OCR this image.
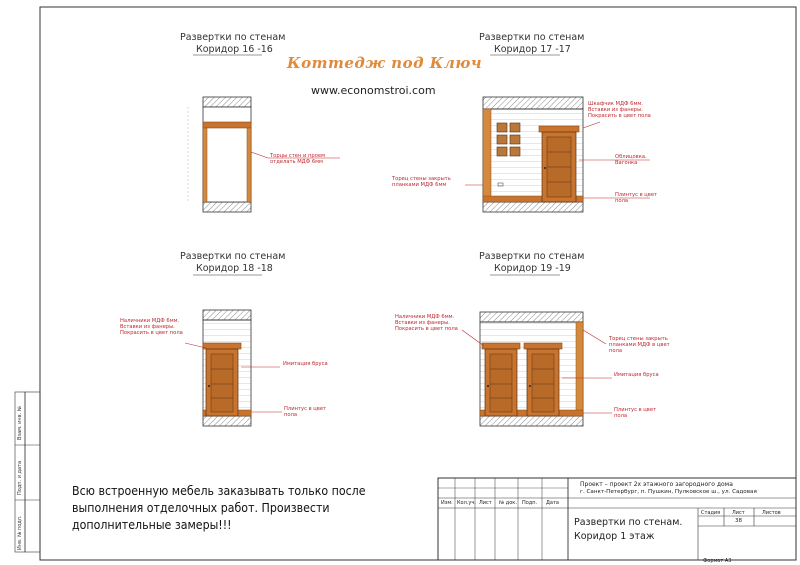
Развертки по стенам
Коридор 16 -16
Развертки по стенам
Коридор 17 -17
Развертки по стенам
Коридор 18 -18
Развертки по стенам
Коридор 19 -19
Коттедж под Ключ
www.economstroi.com
Торцы стен и проем отделать МДФ 6мм
Шкафчик МДФ 6мм. Вставки из фанеры. Покрасить в цвет пола
Торец стены закрыть планками МДФ 6мм
Облицовка. Вагонка
Плинтус в цвет пола
Наличники МДФ 6мм. Вставки из фанеры. Покрасить в цвет пола
Имитация бруса
Плинтус в цвет пола
Наличники МДФ 6мм. Вставки из фанеры. Покрасить в цвет пола
Торец стены закрыть планками МДФ в цвет пола
Имитация бруса
Плинтус в цвет пола
Всю встроенную мебель заказывать только после выполнения отделочных работ. Произвести дополнительные замеры!!!
Проект – проект 2х этажного загородного дома
г. Санкт-Петербург, п. Пушкин, Пулковское ш., ул. Садовая
Развертки по стенам. Коридор 1 этаж
Изм. Кол.уч. Лист № док. Подп. Дата
Стадия Лист	Листов
38
Формат А3
Взам. инв. №
Подп. и дата
Инв. № подл.
